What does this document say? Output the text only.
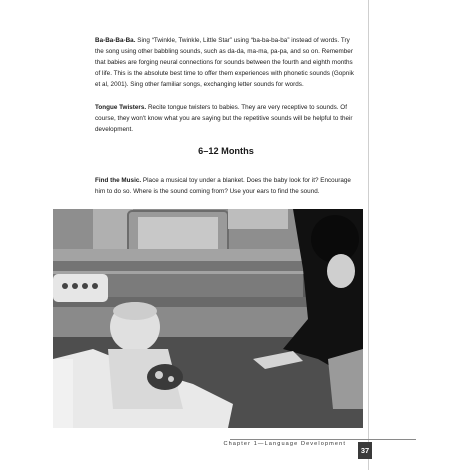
Ba-Ba-Ba-Ba. Sing “Twinkle, Twinkle, Little Star” using “ba-ba-ba-ba” instead of words. Try the song using other babbling sounds, such as da-da, ma-ma, pa-pa, and so on. Remember that babies are forging neural connections for sounds between the fourth and eighth months of life. This is the absolute best time to offer them experiences with phonetic sounds (Gopnik et al, 2001). Sing other familiar songs, exchanging letter sounds for words.
Tongue Twisters. Recite tongue twisters to babies. They are very receptive to sounds. Of course, they won't know what you are saying but the repetitive sounds will be helpful to their development.
6–12 Months
Find the Music. Place a musical toy under a blanket. Does the baby look for it? Encourage him to do so. Where is the sound coming from? Use your ears to find the sound.
Chapter 1—Language Development
37
